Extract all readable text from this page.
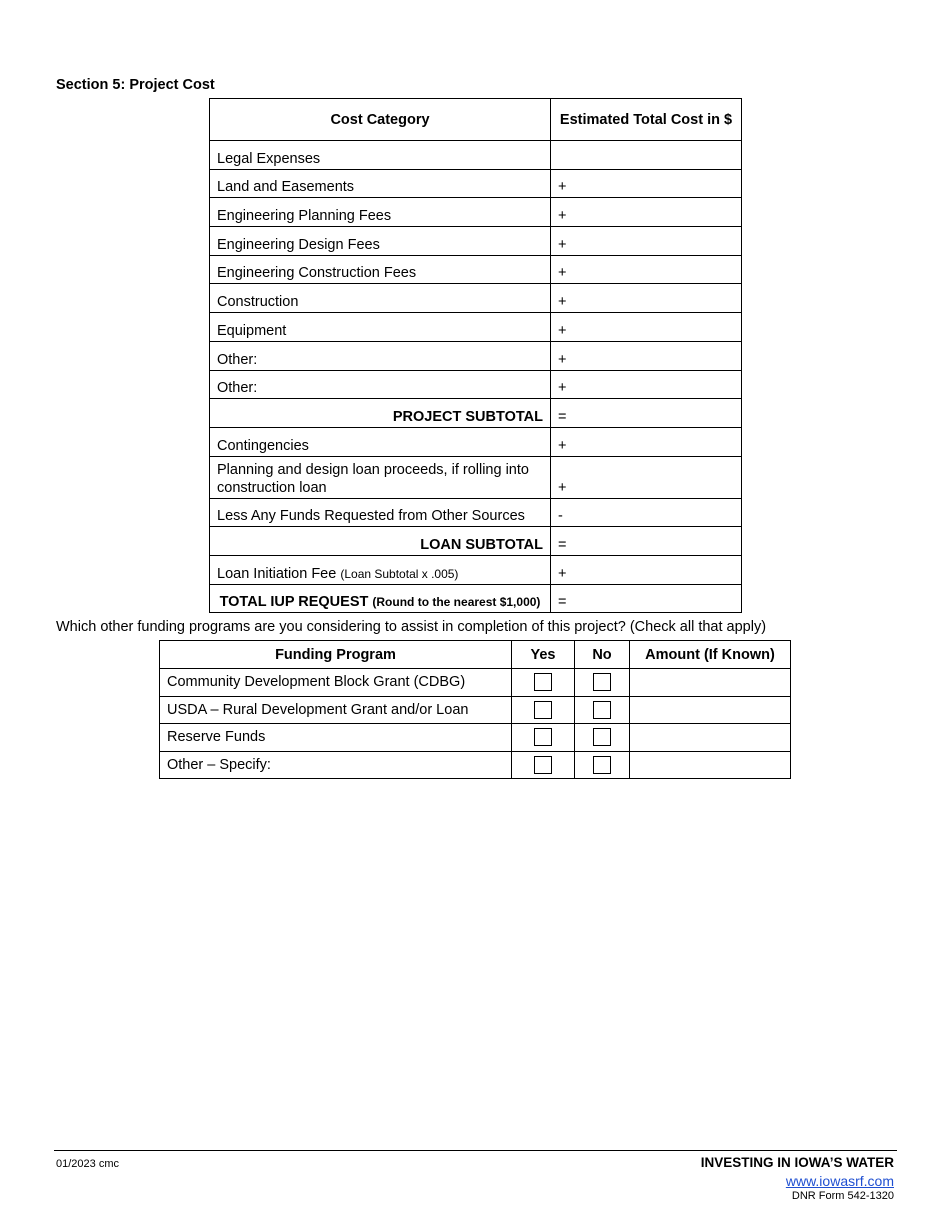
Section 5: Project Cost
Cost Category	Estimated Total Cost in $
Legal Expenses	
Land and Easements	+
Engineering Planning Fees	+
Engineering Design Fees	+
Engineering Construction Fees	+
Construction	+
Equipment	+
Other:	+
Other:	+
PROJECT SUBTOTAL	=
Contingencies	+
Planning and design loan proceeds, if rolling into construction loan	+
Less Any Funds Requested from Other Sources	-
LOAN SUBTOTAL	=
Loan Initiation Fee (Loan Subtotal x .005)	+
TOTAL IUP REQUEST (Round to the nearest $1,000)	=
Which other funding programs are you considering to assist in completion of this project? (Check all that apply)
Funding Program	Yes	No	Amount (If Known)
Community Development Block Grant (CDBG)			
USDA – Rural Development Grant and/or Loan			
Reserve Funds			
Other – Specify:			
01/2023 cmc	INVESTING IN IOWA’S WATER
www.iowasrf.com
DNR Form 542-1320
